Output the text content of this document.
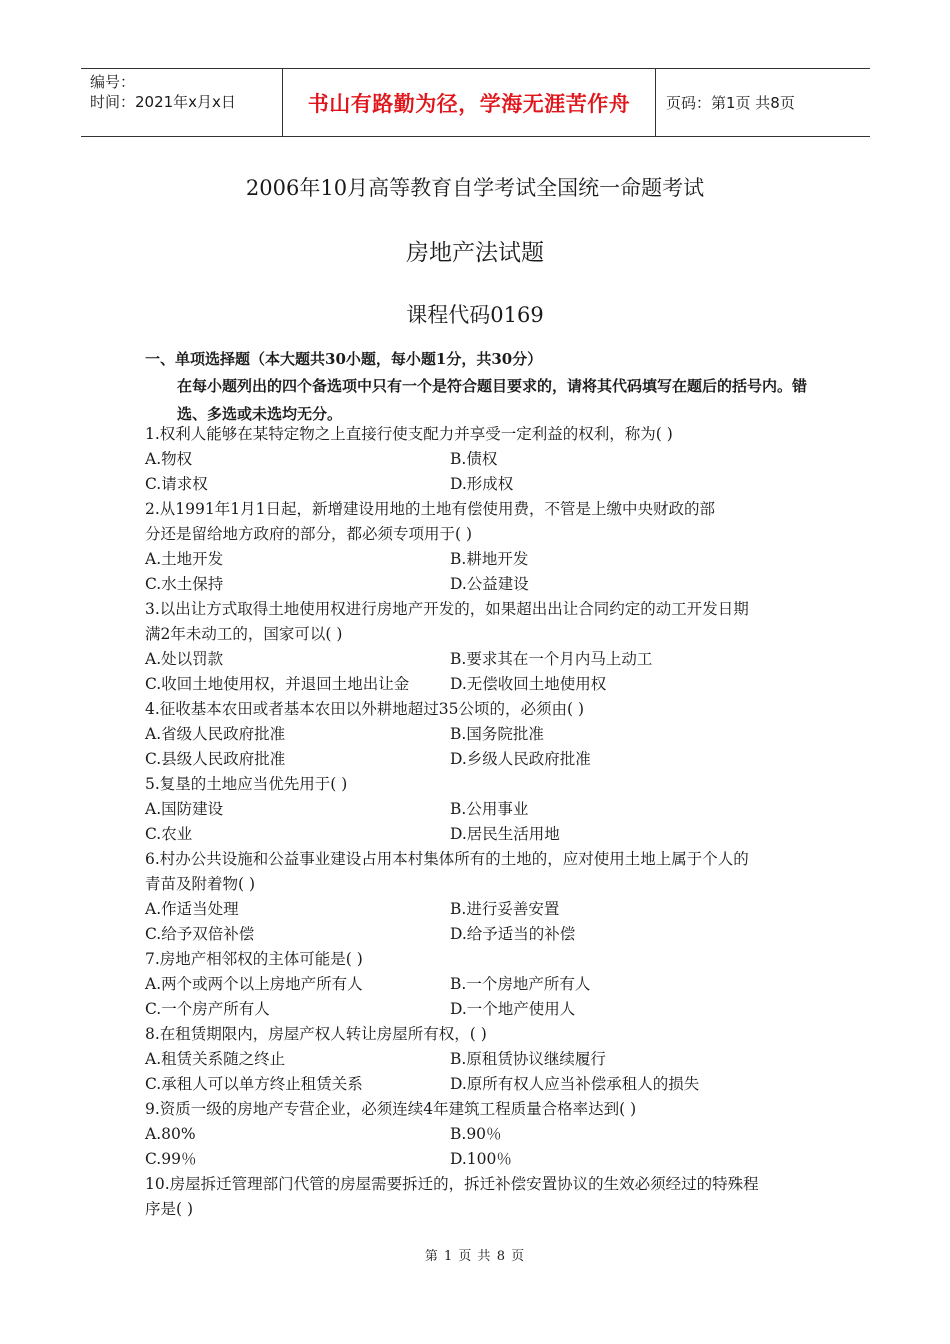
编号：
时间：2021年x月x日	书山有路勤为径，学海无涯苦作舟 页码：第1页 共8页
2006年10月高等教育自学考试全国统一命题考试
房地产法试题
课程代码0169
一、单项选择题（本大题共30小题，每小题1分，共30分）
在每小题列出的四个备选项中只有一个是符合题目要求的，请将其代码填写在题后的括号内。错选、多选或未选均无分。
1.权利人能够在某特定物之上直接行使支配力并享受一定利益的权利，称为( )
A.物权	B.债权
C.请求权	D.形成权
2.从1991年1月1日起，新增建设用地的土地有偿使用费，不管是上缴中央财政的部
分还是留给地方政府的部分，都必须专项用于( )
A.土地开发	B.耕地开发
C.水土保持	D.公益建设
3.以出让方式取得土地使用权进行房地产开发的，如果超出出让合同约定的动工开发日期
满2年未动工的，国家可以( )
A.处以罚款	B.要求其在一个月内马上动工
C.收回土地使用权，并退回土地出让金	D.无偿收回土地使用权
4.征收基本农田或者基本农田以外耕地超过35公顷的，必须由( )
A.省级人民政府批准	B.国务院批准
C.县级人民政府批准	D.乡级人民政府批准
5.复垦的土地应当优先用于( )
A.国防建设	B.公用事业
C.农业	D.居民生活用地
6.村办公共设施和公益事业建设占用本村集体所有的土地的，应对使用土地上属于个人的
青苗及附着物( )
A.作适当处理	B.进行妥善安置
C.给予双倍补偿	D.给予适当的补偿
7.房地产相邻权的主体可能是( )
A.两个或两个以上房地产所有人	B.一个房地产所有人
C.一个房产所有人	D.一个地产使用人
8.在租赁期限内，房屋产权人转让房屋所有权，( )
A.租赁关系随之终止	B.原租赁协议继续履行
C.承租人可以单方终止租赁关系	D.原所有权人应当补偿承租人的损失
9.资质一级的房地产专营企业，必须连续4年建筑工程质量合格率达到( )
A.80%	B.90％
C.99％	D.100％
10.房屋拆迁管理部门代管的房屋需要拆迁的，拆迁补偿安置协议的生效必须经过的特殊程
序是( )
第 1 页 共 8 页
